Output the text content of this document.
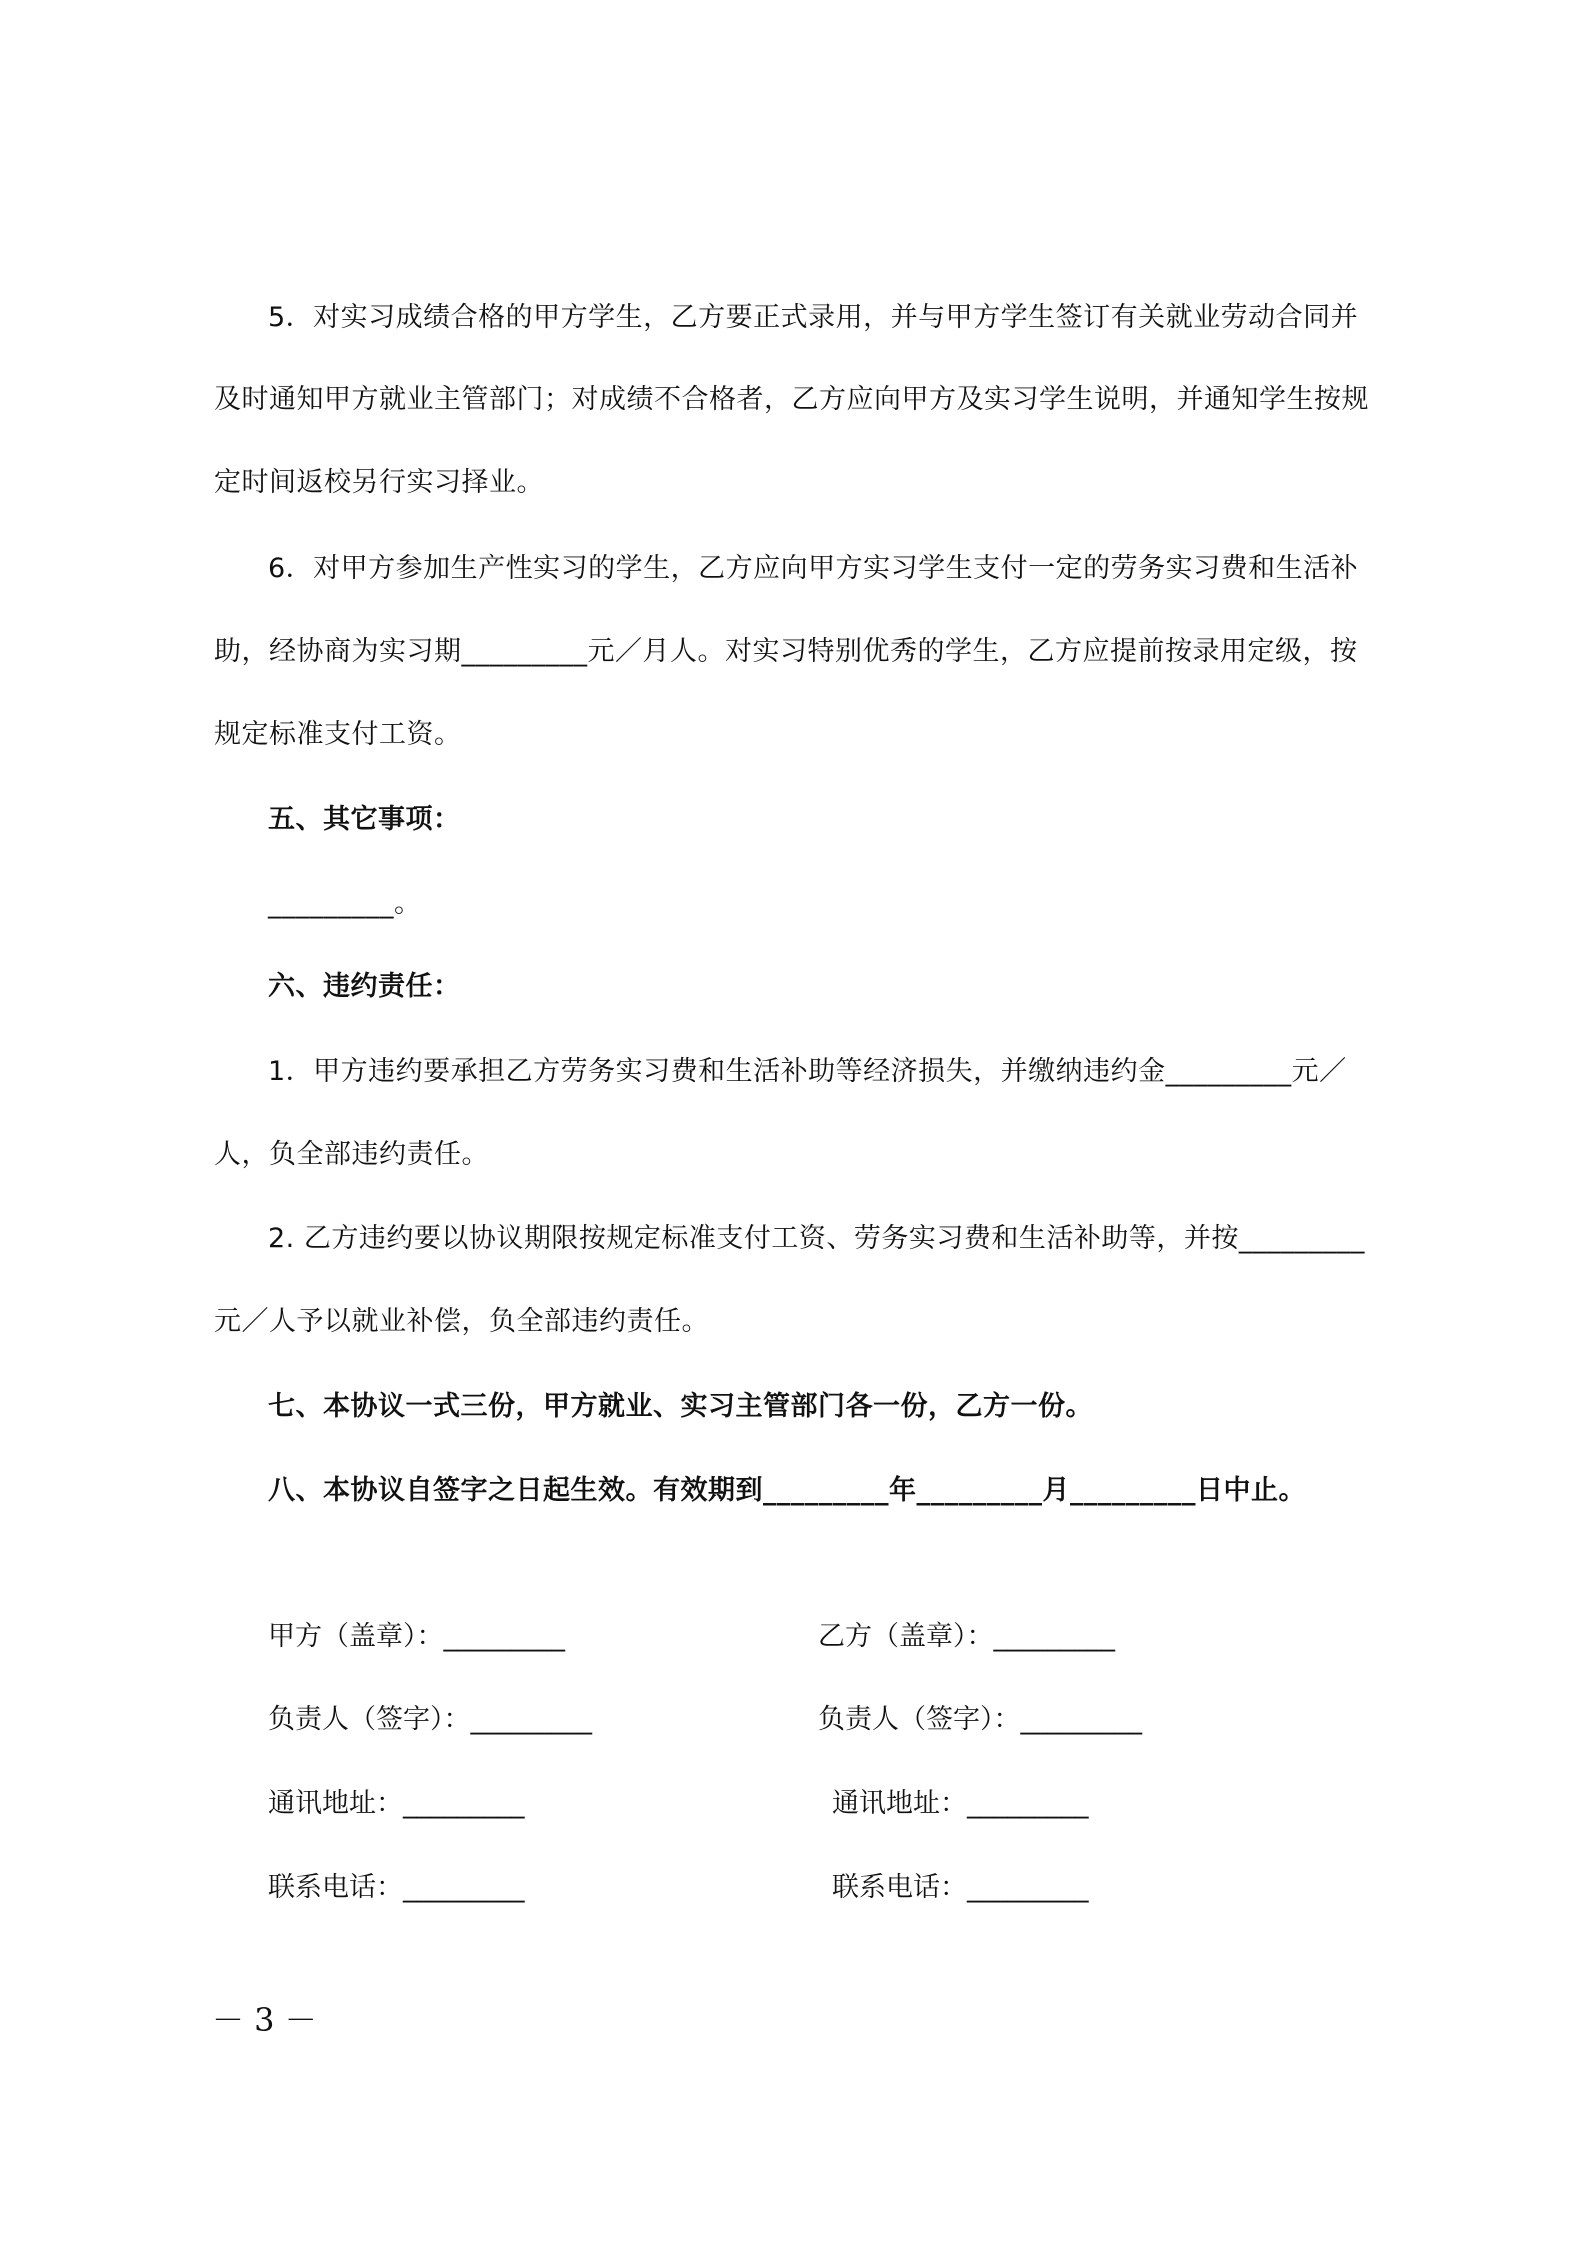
5．对实习成绩合格的甲方学生，乙方要正式录用，并与甲方学生签订有关就业劳动合同并
及时通知甲方就业主管部门；对成绩不合格者，乙方应向甲方及实习学生说明，并通知学生按规
定时间返校另行实习择业。
6．对甲方参加生产性实习的学生，乙方应向甲方实习学生支付一定的劳务实习费和生活补
助，经协商为实习期_________元／月人。对实习特别优秀的学生，乙方应提前按录用定级，按
规定标准支付工资。
五、其它事项：
_________。
六、违约责任：
1．甲方违约要承担乙方劳务实习费和生活补助等经济损失，并缴纳违约金_________元／
人，负全部违约责任。
2. 乙方违约要以协议期限按规定标准支付工资、劳务实习费和生活补助等，并按_________
元／人予以就业补偿，负全部违约责任。
七、本协议一式三份，甲方就业、实习主管部门各一份，乙方一份。
八、本协议自签字之日起生效。有效期到_________年_________月_________日中止。
甲方（盖章）：_________	乙方（盖章）：_________
负责人（签字）：_________	负责人（签字）：_________
通讯地址：_________	通讯地址：_________
联系电话：_________	联系电话：_________
－ 3 －
